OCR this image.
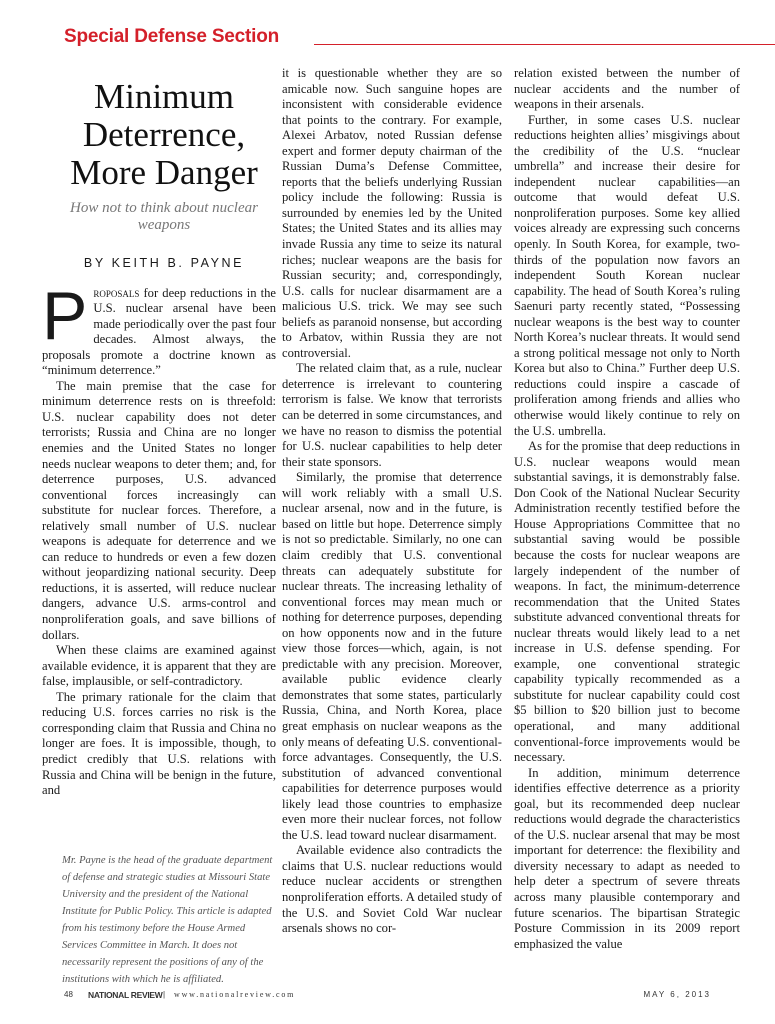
Special Defense Section
Minimum Deterrence, More Danger
How not to think about nuclear weapons
BY KEITH B. PAYNE

Proposals for deep reductions in the U.S. nuclear arsenal have been made periodically over the past four decades. Almost always, the proposals promote a doctrine known as “minimum deterrence.”

The main premise that the case for minimum deterrence rests on is threefold: U.S. nuclear capability does not deter terrorists; Russia and China are no longer enemies and the United States no longer needs nuclear weapons to deter them; and, for deterrence purposes, U.S. advanced conventional forces increasingly can substitute for nuclear forces. Therefore, a relatively small number of U.S. nuclear weapons is adequate for deterrence and we can reduce to hundreds or even a few dozen without jeopardizing national security. Deep reductions, it is asserted, will reduce nuclear dangers, advance U.S. arms-control and nonproliferation goals, and save billions of dollars.

When these claims are examined against available evidence, it is apparent that they are false, implausible, or self-contradictory.

The primary rationale for the claim that reducing U.S. forces carries no risk is the corresponding claim that Russia and China no longer are foes. It is impossible, though, to predict credibly that U.S. relations with Russia and China will be benign in the future, and

Mr. Payne is the head of the graduate department of defense and strategic studies at Missouri State University and the president of the National Institute for Public Policy. This article is adapted from his testimony before the House Armed Services Committee in March. It does not necessarily represent the positions of any of the institutions with which he is affiliated.

it is questionable whether they are so amicable now. Such sanguine hopes are inconsistent with considerable evidence that points to the contrary. For example, Alexei Arbatov, noted Russian defense expert and former deputy chairman of the Russian Duma’s Defense Committee, reports that the beliefs underlying Russian policy include the following: Russia is surrounded by enemies led by the United States; the United States and its allies may invade Russia any time to seize its natural riches; nuclear weapons are the basis for Russian security; and, correspondingly, U.S. calls for nuclear disarmament are a malicious U.S. trick. We may see such beliefs as paranoid nonsense, but according to Arbatov, within Russia they are not controversial.

The related claim that, as a rule, nuclear deterrence is irrelevant to countering terrorism is false. We know that terrorists can be deterred in some circumstances, and we have no reason to dismiss the potential for U.S. nuclear capabilities to help deter their state sponsors.

Similarly, the promise that deterrence will work reliably with a small U.S. nuclear arsenal, now and in the future, is based on little but hope. Deterrence simply is not so predictable. Similarly, no one can claim credibly that U.S. conventional threats can adequately substitute for nuclear threats. The increasing lethality of conventional forces may mean much or nothing for deterrence purposes, depending on how opponents now and in the future view those forces—which, again, is not predictable with any precision. Moreover, available public evidence clearly demonstrates that some states, particularly Russia, China, and North Korea, place great emphasis on nuclear weapons as the only means of defeating U.S. conventional-force advantages. Consequently, the U.S. substitution of advanced conventional capabilities for deterrence purposes would likely lead those countries to emphasize even more their nuclear forces, not follow the U.S. lead toward nuclear disarmament.

Available evidence also contradicts the claims that U.S. nuclear reductions would reduce nuclear accidents or strengthen nonproliferation efforts. A detailed study of the U.S. and Soviet Cold War nuclear arsenals shows no cor-

relation existed between the number of nuclear accidents and the number of weapons in their arsenals.

Further, in some cases U.S. nuclear reductions heighten allies’ misgivings about the credibility of the U.S. “nuclear umbrella” and increase their desire for independent nuclear capabilities—an outcome that would defeat U.S. nonproliferation purposes. Some key allied voices already are expressing such concerns openly. In South Korea, for example, two-thirds of the population now favors an independent South Korean nuclear capability. The head of South Korea’s ruling Saenuri party recently stated, “Possessing nuclear weapons is the best way to counter North Korea’s nuclear threats. It would send a strong political message not only to North Korea but also to China.” Further deep U.S. reductions could inspire a cascade of proliferation among friends and allies who otherwise would likely continue to rely on the U.S. umbrella.

As for the promise that deep reductions in U.S. nuclear weapons would mean substantial savings, it is demonstrably false. Don Cook of the National Nuclear Security Administration recently testified before the House Appropriations Committee that no substantial saving would be possible because the costs for nuclear weapons are largely independent of the number of weapons. In fact, the minimum-deterrence recommendation that the United States substitute advanced conventional threats for nuclear threats would likely lead to a net increase in U.S. defense spending. For example, one conventional strategic capability typically recommended as a substitute for nuclear capability could cost $5 billion to $20 billion just to become operational, and many additional conventional-force improvements would be necessary.

In addition, minimum deterrence identifies effective deterrence as a priority goal, but its recommended deep nuclear reductions would degrade the characteristics of the U.S. nuclear arsenal that may be most important for deterrence: the flexibility and diversity necessary to adapt as needed to help deter a spectrum of severe threats across many plausible contemporary and future scenarios. The bipartisan Strategic Posture Commission in its 2009 report emphasized the value

48 NATIONAL REVIEW | www.nationalreview.com	MAY 6, 2013
